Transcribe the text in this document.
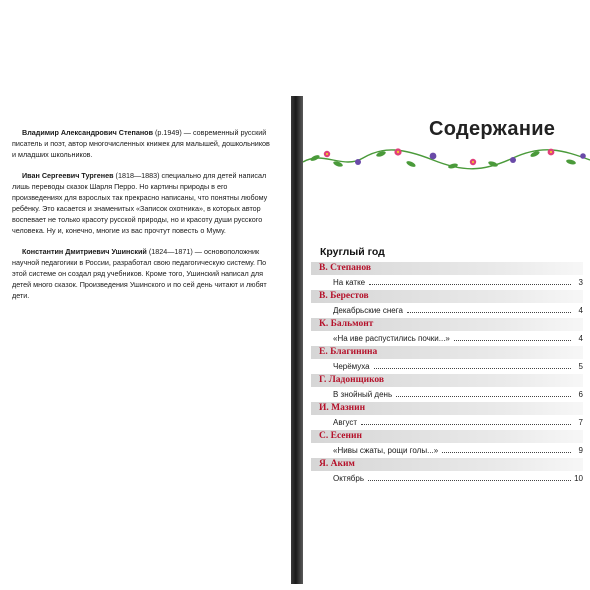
Владимир Александрович Степанов (р.1949) — современный русский писатель и поэт, автор многочисленных книжек для малышей, дошкольников и младших школьников.

Иван Сергеевич Тургенев (1818—1883) специально для детей написал лишь переводы сказок Шарля Перро. Но картины природы в его произведениях для взрослых так прекрасно написаны, что понятны любому ребёнку. Это касается и знаменитых «Записок охотника», в которых автор воспевает не только красоту русской природы, но и красоту души русского человека. Ну и, конечно, многие из вас прочтут повесть о Муму.

Константин Дмитриевич Ушинский (1824—1871) — основоположник научной педагогики в России, разработал свою педагогическую систему. По этой системе он создал ряд учебников. Кроме того, Ушинский написал для детей много сказок. Произведения Ушинского и по сей день читают и любят дети.

Содержание
Круглый год
В. Степанов
На катке	3
В. Берестов
Декабрьские снега	4
К. Бальмонт
«На иве распустились почки...»	4
Е. Благинина
Черёмуха	5
Г. Ладонщиков
В знойный день	6
И. Мазнин
Август	7
С. Есенин
«Нивы сжаты, рощи голы...»	9
Я. Аким
Октябрь	10
